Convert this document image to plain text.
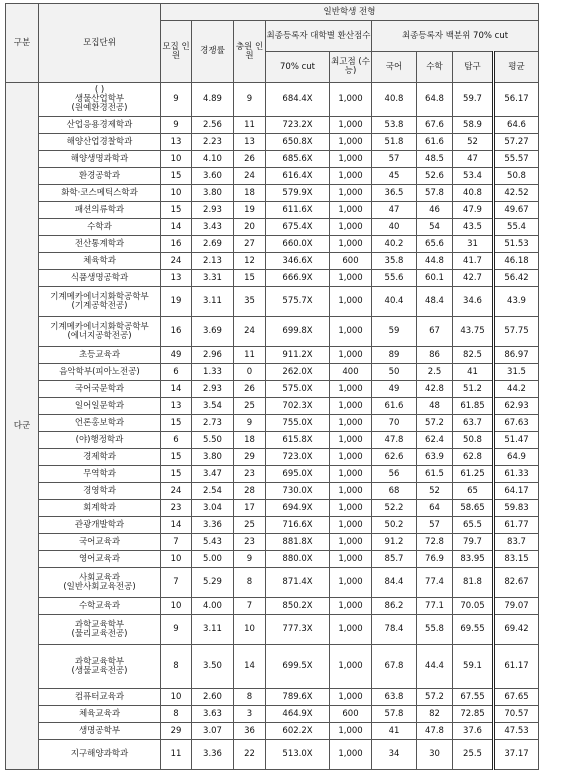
구분	모집단위	일반학생 전형								
		모집 인원	경쟁률	충원 인원	최종등록자 대학별 환산점수		최종등록자 백분위 70% cut			
					70% cut	최고점 (수능)	국어	수학	탐구	평균
다군	( )
생물산업학부
(원예환경전공)	9	4.89	9	684.4X	1,000	40.8	64.8	59.7	56.17
	산업응용경제학과	9	2.56	11	723.2X	1,000	53.8	67.6	58.9	64.6
	해양산업경찰학과	13	2.23	13	650.8X	1,000	51.8	61.6	52	57.27
	해양생명과학과	10	4.10	26	685.6X	1,000	57	48.5	47	55.57
	환경공학과	15	3.60	24	616.4X	1,000	45	52.6	53.4	50.8
	화학·코스메틱스학과	10	3.80	18	579.9X	1,000	36.5	57.8	40.8	42.52
	패션의류학과	15	2.93	19	611.6X	1,000	47	46	47.9	49.67
	수학과	14	3.43	20	675.4X	1,000	40	54	43.5	55.4
	전산통계학과	16	2.69	27	660.0X	1,000	40.2	65.6	31	51.53
	체육학과	24	2.13	12	346.6X	600	35.8	44.8	41.7	46.18
	식품생명공학과	13	3.31	15	666.9X	1,000	55.6	60.1	42.7	56.42
	기계메카에너지화학공학부
(기계공학전공)	19	3.11	35	575.7X	1,000	40.4	48.4	34.6	43.9
	기계메카에너지화학공학부
(에너지공학전공)	16	3.69	24	699.8X	1,000	59	67	43.75	57.75
	초등교육과	49	2.96	11	911.2X	1,000	89	86	82.5	86.97
	음악학부(피아노전공)	6	1.33	0	262.0X	400	50	2.5	41	31.5
	국어국문학과	14	2.93	26	575.0X	1,000	49	42.8	51.2	44.2
	일어일문학과	13	3.54	25	702.3X	1,000	61.6	48	61.85	62.93
	언론홍보학과	15	2.73	9	755.0X	1,000	70	57.2	63.7	67.63
	(야)행정학과	6	5.50	18	615.8X	1,000	47.8	62.4	50.8	51.47
	경제학과	15	3.80	29	723.0X	1,000	62.6	63.9	62.8	64.9
	무역학과	15	3.47	23	695.0X	1,000	56	61.5	61.25	61.33
	경영학과	24	2.54	28	730.0X	1,000	68	52	65	64.17
	회계학과	23	3.04	17	694.9X	1,000	52.2	64	58.65	59.83
	관광개발학과	14	3.36	25	716.6X	1,000	50.2	57	65.5	61.77
	국어교육과	7	5.43	23	881.8X	1,000	91.2	72.8	79.7	83.7
	영어교육과	10	5.00	9	880.0X	1,000	85.7	76.9	83.95	83.15
	사회교육과
(일반사회교육전공)	7	5.29	8	871.4X	1,000	84.4	77.4	81.8	82.67
	수학교육과	10	4.00	7	850.2X	1,000	86.2	77.1	70.05	79.07
	과학교육학부
(물리교육전공)	9	3.11	10	777.3X	1,000	78.4	55.8	69.55	69.42
	과학교육학부
(생물교육전공)	8	3.50	14	699.5X	1,000	67.8	44.4	59.1	61.17
	컴퓨터교육과	10	2.60	8	789.6X	1,000	63.8	57.2	67.55	67.65
	체육교육과	8	3.63	3	464.9X	600	57.8	82	72.85	70.57
	생명공학부	29	3.07	36	602.2X	1,000	41	47.8	37.6	47.53
	지구해양과학과	11	3.36	22	513.0X	1,000	34	30	25.5	37.17
